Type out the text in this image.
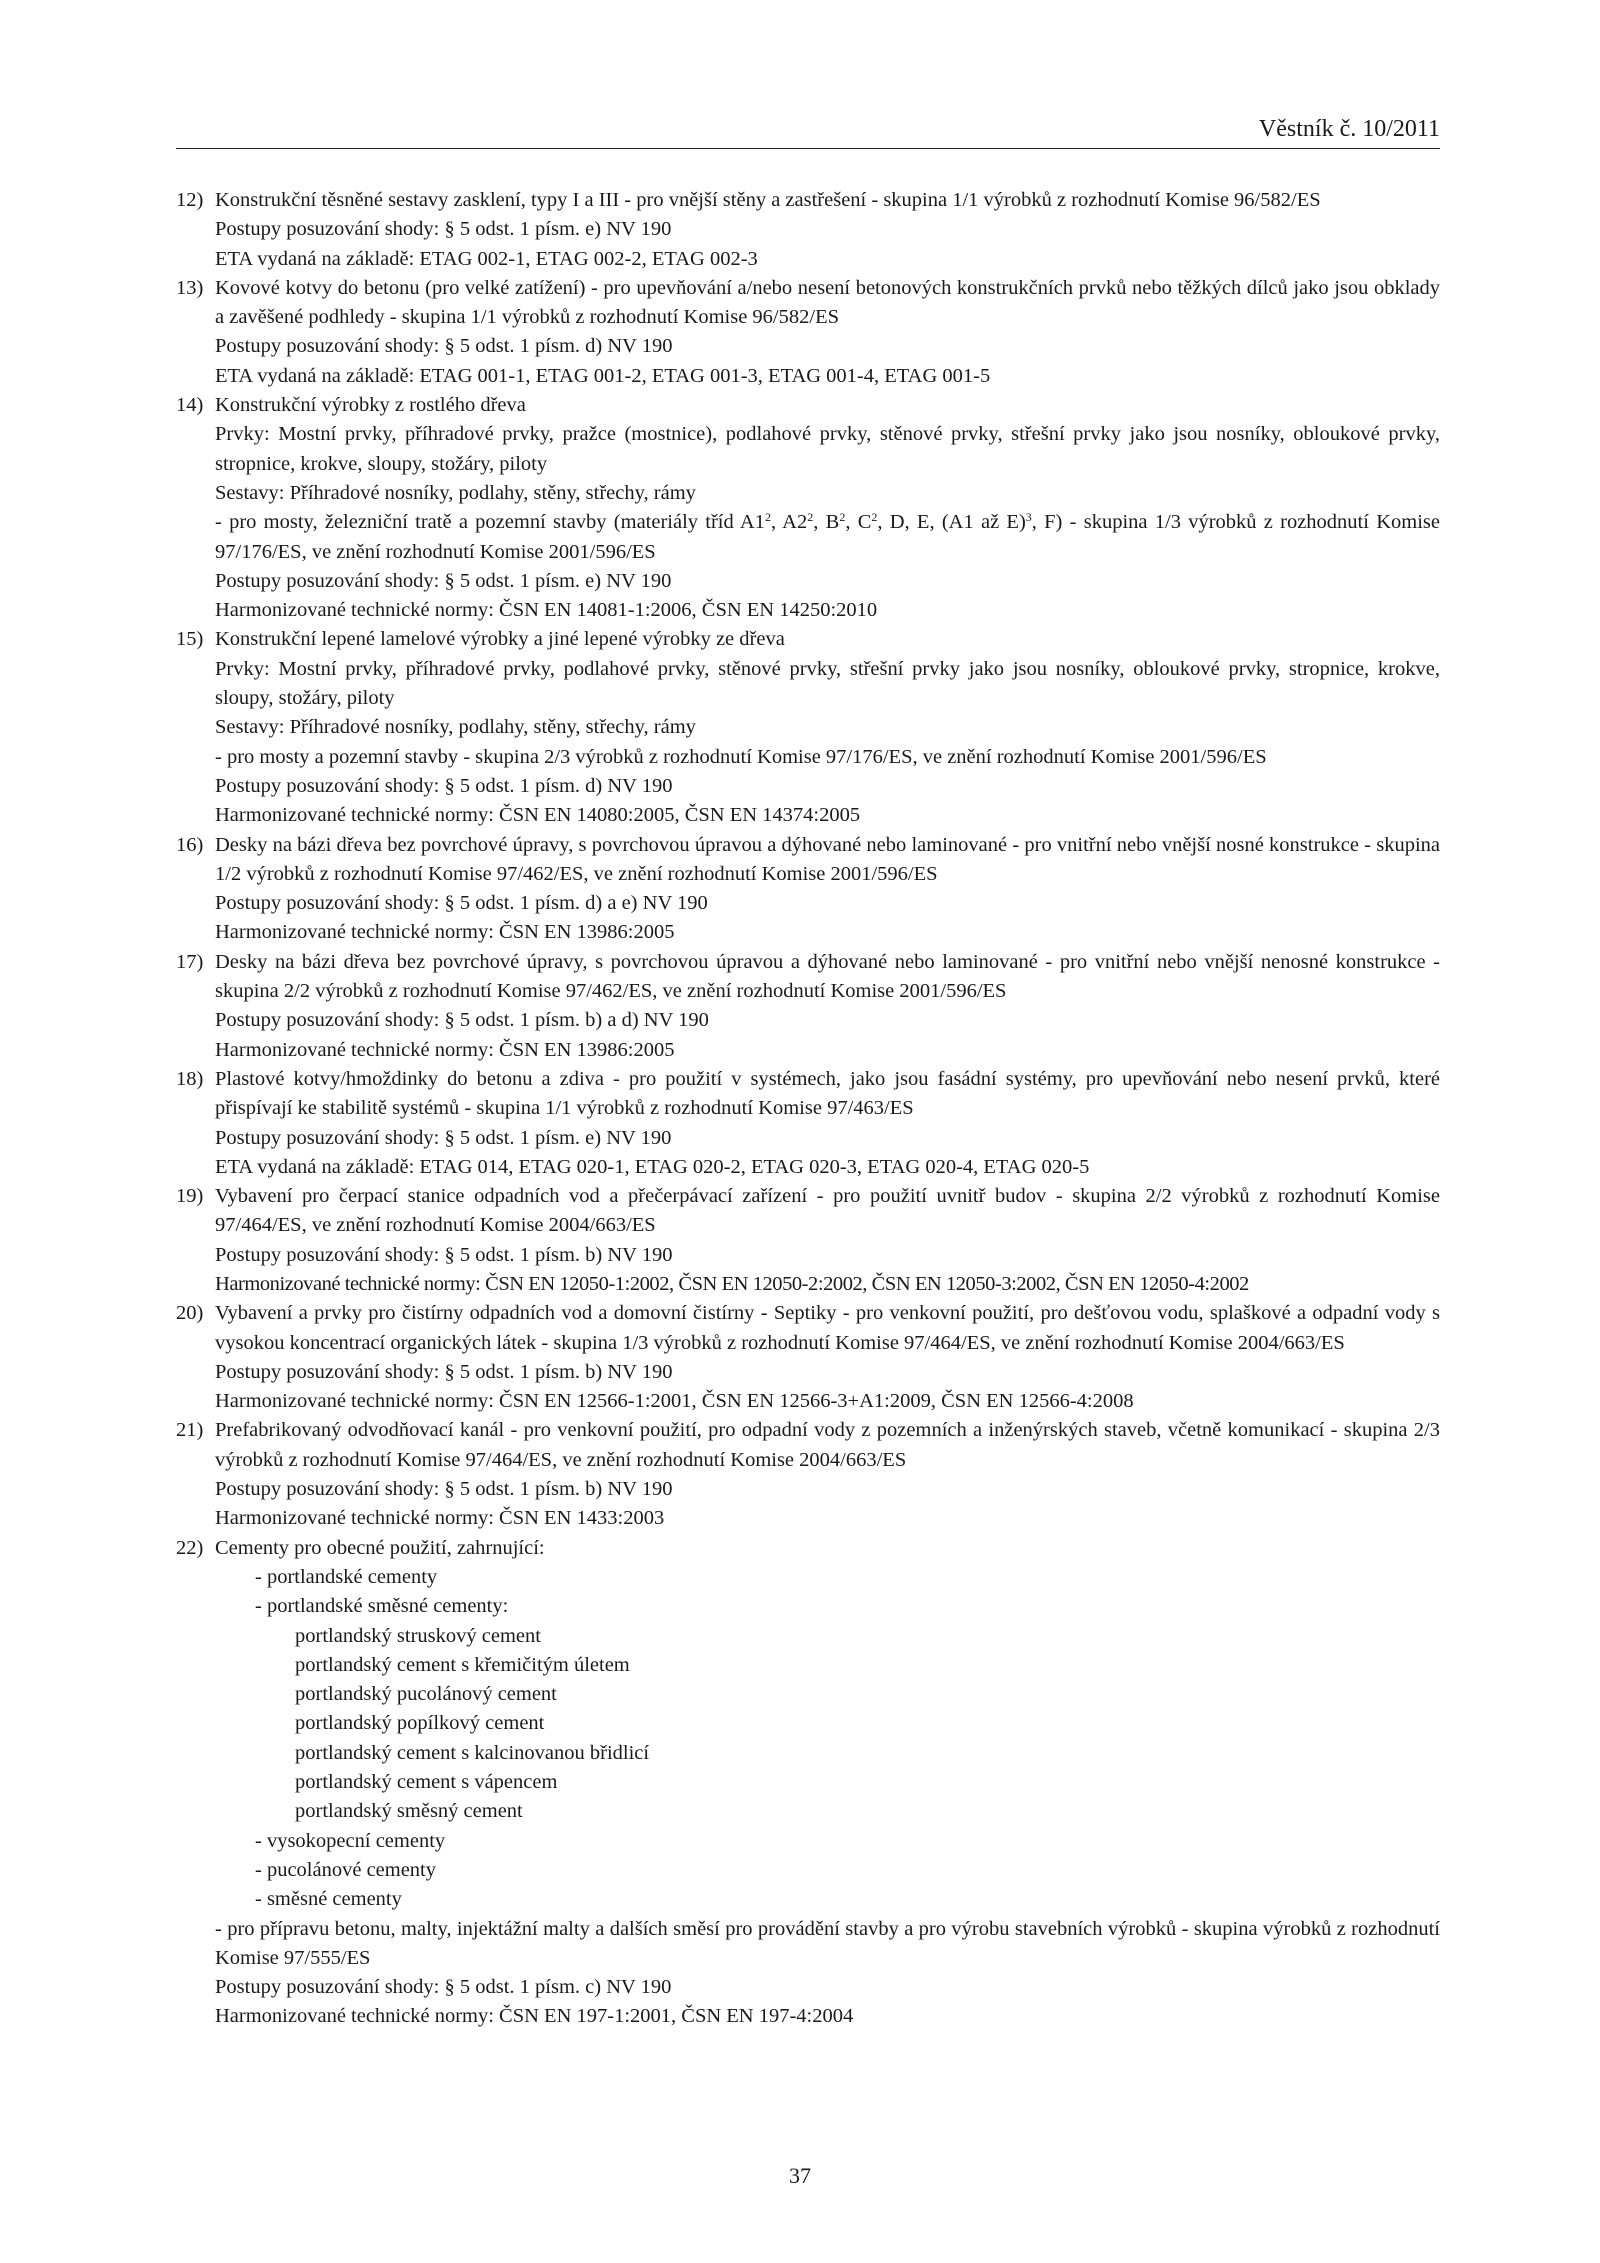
Věstník č. 10/2011
12) Konstrukční těsněné sestavy zasklení, typy I a III - pro vnější stěny a zastřešení - skupina 1/1 výrobků z rozhodnutí Komise 96/582/ES
Postupy posuzování shody: § 5 odst. 1 písm. e) NV 190
ETA vydaná na základě: ETAG 002-1, ETAG 002-2, ETAG 002-3
13) Kovové kotvy do betonu (pro velké zatížení) - pro upevňování a/nebo nesení betonových konstrukčních prvků nebo těžkých dílců jako jsou obklady a zavěšené podhledy - skupina 1/1 výrobků z rozhodnutí Komise 96/582/ES
Postupy posuzování shody: § 5 odst. 1 písm. d) NV 190
ETA vydaná na základě: ETAG 001-1, ETAG 001-2, ETAG 001-3, ETAG 001-4, ETAG 001-5
14) Konstrukční výrobky z rostlého dřeva
Prvky: Mostní prvky, příhradové prvky, pražce (mostnice), podlahové prvky, stěnové prvky, střešní prvky jako jsou nosníky, obloukové prvky, stropnice, krokve, sloupy, stožáry, piloty
Sestavy: Příhradové nosníky, podlahy, stěny, střechy, rámy
- pro mosty, železniční tratě a pozemní stavby (materiály tříd $A1^2$, $A2^2$, $B^2$, $C^2$, D, E, (A1 až E)$^3$, F) - skupina 1/3 výrobků z rozhodnutí Komise 97/176/ES, ve znění rozhodnutí Komise 2001/596/ES
Postupy posuzování shody: § 5 odst. 1 písm. e) NV 190
Harmonizované technické normy: ČSN EN 14081-1:2006, ČSN EN 14250:2010
15) Konstrukční lepené lamelové výrobky a jiné lepené výrobky ze dřeva
Prvky: Mostní prvky, příhradové prvky, podlahové prvky, stěnové prvky, střešní prvky jako jsou nosníky, obloukové prvky, stropnice, krokve, sloupy, stožáry, piloty
Sestavy: Příhradové nosníky, podlahy, stěny, střechy, rámy
- pro mosty a pozemní stavby - skupina 2/3 výrobků z rozhodnutí Komise 97/176/ES, ve znění rozhodnutí Komise 2001/596/ES
Postupy posuzování shody: § 5 odst. 1 písm. d) NV 190
Harmonizované technické normy: ČSN EN 14080:2005, ČSN EN 14374:2005
16) Desky na bázi dřeva bez povrchové úpravy, s povrchovou úpravou a dýhované nebo laminované - pro vnitřní nebo vnější nosné konstrukce - skupina 1/2 výrobků z rozhodnutí Komise 97/462/ES, ve znění rozhodnutí Komise 2001/596/ES
Postupy posuzování shody: § 5 odst. 1 písm. d) a e) NV 190
Harmonizované technické normy: ČSN EN 13986:2005
17) Desky na bázi dřeva bez povrchové úpravy, s povrchovou úpravou a dýhované nebo laminované - pro vnitřní nebo vnější nenosné konstrukce - skupina 2/2 výrobků z rozhodnutí Komise 97/462/ES, ve znění rozhodnutí Komise 2001/596/ES
Postupy posuzování shody: § 5 odst. 1 písm. b) a d) NV 190
Harmonizované technické normy: ČSN EN 13986:2005
18) Plastové kotvy/hmoždinky do betonu a zdiva - pro použití v systémech, jako jsou fasádní systémy, pro upevňování nebo nesení prvků, které přispívají ke stabilitě systémů - skupina 1/1 výrobků z rozhodnutí Komise 97/463/ES
Postupy posuzování shody: § 5 odst. 1 písm. e) NV 190
ETA vydaná na základě: ETAG 014, ETAG 020-1, ETAG 020-2, ETAG 020-3, ETAG 020-4, ETAG 020-5
19) Vybavení pro čerpací stanice odpadních vod a přečerpávací zařízení - pro použití uvnitř budov - skupina 2/2 výrobků z rozhodnutí Komise 97/464/ES, ve znění rozhodnutí Komise 2004/663/ES
Postupy posuzování shody: § 5 odst. 1 písm. b) NV 190
Harmonizované technické normy: ČSN EN 12050-1:2002, ČSN EN 12050-2:2002, ČSN EN 12050-3:2002, ČSN EN 12050-4:2002
20) Vybavení a prvky pro čistírny odpadních vod a domovní čistírny - Septiky - pro venkovní použití, pro dešťovou vodu, splaškové a odpadní vody s vysokou koncentrací organických látek - skupina 1/3 výrobků z rozhodnutí Komise 97/464/ES, ve znění rozhodnutí Komise 2004/663/ES
Postupy posuzování shody: § 5 odst. 1 písm. b) NV 190
Harmonizované technické normy: ČSN EN 12566-1:2001, ČSN EN 12566-3+A1:2009, ČSN EN 12566-4:2008
21) Prefabrikovaný odvodňovací kanál - pro venkovní použití, pro odpadní vody z pozemních a inženýrských staveb, včetně komunikací - skupina 2/3 výrobků z rozhodnutí Komise 97/464/ES, ve znění rozhodnutí Komise 2004/663/ES
Postupy posuzování shody: § 5 odst. 1 písm. b) NV 190
Harmonizované technické normy: ČSN EN 1433:2003
22) Cementy pro obecné použití, zahrnující:
- portlandské cementy
- portlandské směsné cementy:
portlandský struskový cement
portlandský cement s křemičitým úletem
portlandský pucolánový cement
portlandský popílkový cement
portlandský cement s kalcinovanou břidlicí
portlandský cement s vápencem
portlandský směsný cement
- vysokopecní cementy
- pucolánové cementy
- směsné cementy
- pro přípravu betonu, malty, injektážní malty a dalších směsí pro provádění stavby a pro výrobu stavebních výrobků - skupina výrobků z rozhodnutí Komise 97/555/ES
Postupy posuzování shody: § 5 odst. 1 písm. c) NV 190
Harmonizované technické normy: ČSN EN 197-1:2001, ČSN EN 197-4:2004
37
